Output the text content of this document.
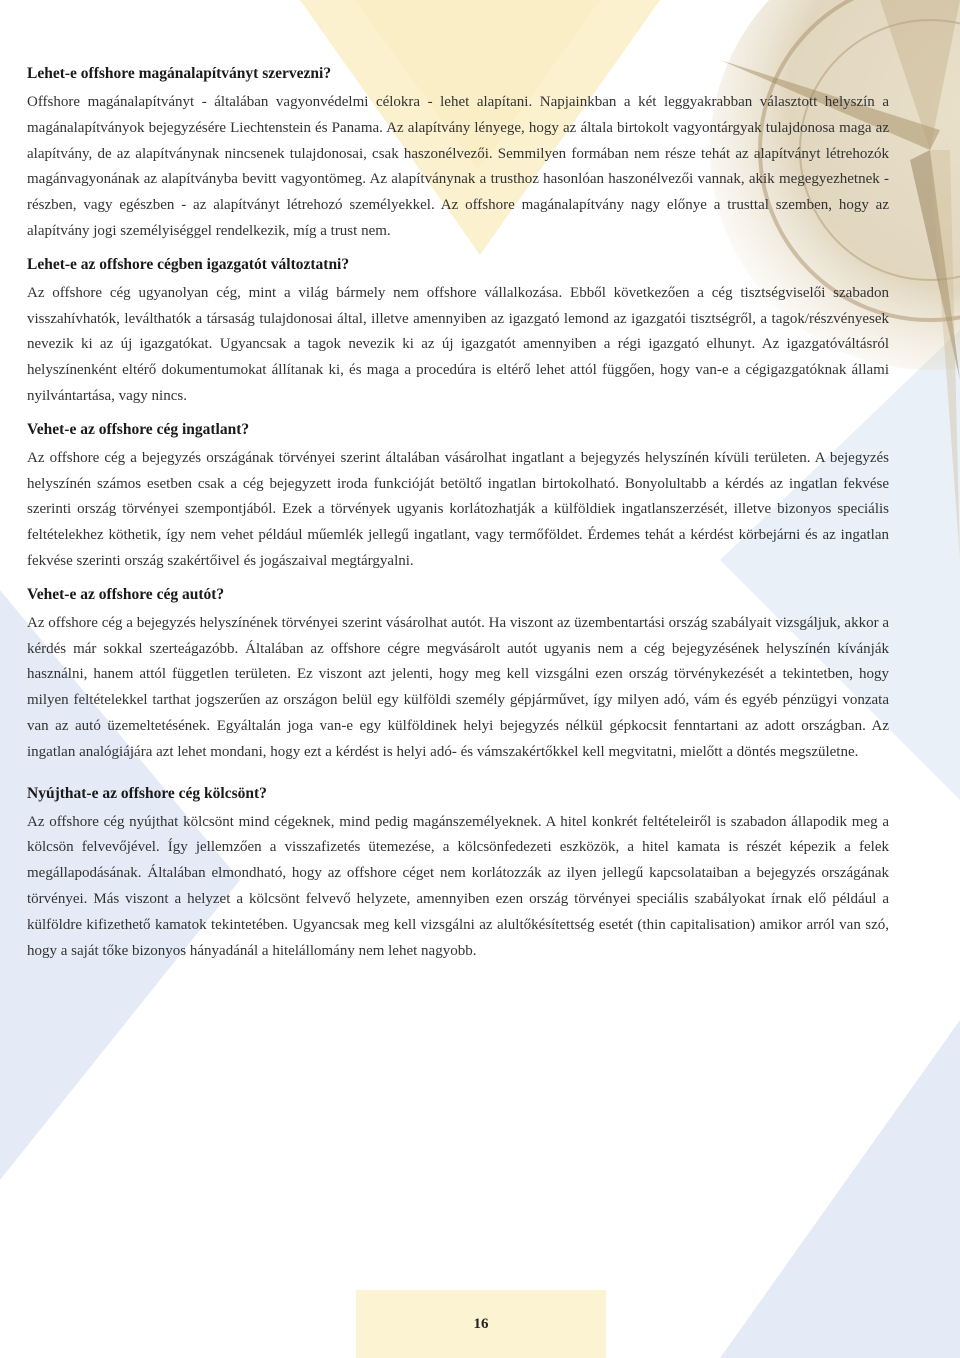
Lehet-e offshore magánalapítványt szervezni?

Offshore magánalapítványt - általában vagyonvédelmi célokra - lehet alapítani. Napjainkban a két leggyakrabban választott helyszín a magánalapítványok bejegyzésére Liechtenstein és Panama. Az alapítvány lényege, hogy az általa birtokolt vagyontárgyak tulajdonosa maga az alapítvány, de az alapítványnak nincsenek tulajdonosai, csak haszonélvezői. Semmilyen formában nem része tehát az alapítványt létrehozók magánvagyonának az alapítványba bevitt vagyontömeg. Az alapítványnak a trusthoz hasonlóan haszonélvezői vannak, akik megegyezhetnek - részben, vagy egészben - az alapítványt létrehozó személyekkel. Az offshore magánalapítvány nagy előnye a trusttal szemben, hogy az alapítvány jogi személyiséggel rendelkezik, míg a trust nem.

Lehet-e az offshore cégben igazgatót változtatni?

Az offshore cég ugyanolyan cég, mint a világ bármely nem offshore vállalkozása. Ebből következően a cég tisztségviselői szabadon visszahívhatók, leválthatók a társaság tulajdonosai által, illetve amennyiben az igazgató lemond az igazgatói tisztségről, a tagok/részvényesek nevezik ki az új igazgatókat. Ugyancsak a tagok nevezik ki az új igazgatót amennyiben a régi igazgató elhunyt. Az igazgatóváltásról helyszínenként eltérő dokumentumokat állítanak ki, és maga a procedúra is eltérő lehet attól függően, hogy van-e a cégigazgatóknak állami nyilvántartása, vagy nincs.

Vehet-e az offshore cég ingatlant?

Az offshore cég a bejegyzés országának törvényei szerint általában vásárolhat ingatlant a bejegyzés helyszínén kívüli területen. A bejegyzés helyszínén számos esetben csak a cég bejegyzett iroda funkcióját betöltő ingatlan birtokolható. Bonyolultabb a kérdés az ingatlan fekvése szerinti ország törvényei szempontjából. Ezek a törvények ugyanis korlátozhatják a külföldiek ingatlanszerzését, illetve bizonyos speciális feltételekhez köthetik, így nem vehet például műemlék jellegű ingatlant, vagy termőföldet. Érdemes tehát a kérdést körbejárni és az ingatlan fekvése szerinti ország szakértőivel és jogászaival megtárgyalni.

Vehet-e az offshore cég autót?

Az offshore cég a bejegyzés helyszínének törvényei szerint vásárolhat autót. Ha viszont az üzembentartási ország szabályait vizsgáljuk, akkor a kérdés már sokkal szerteágazóbb. Általában az offshore cégre megvásárolt autót ugyanis nem a cég bejegyzésének helyszínén kívánják használni, hanem attól független területen. Ez viszont azt jelenti, hogy meg kell vizsgálni ezen ország törvénykezését a tekintetben, hogy milyen feltételekkel tarthat jogszerűen az országon belül egy külföldi személy gépjárművet, így milyen adó, vám és egyéb pénzügyi vonzata van az autó üzemeltetésének. Egyáltalán joga van-e egy külföldinek helyi bejegyzés nélkül gépkocsit fenntartani az adott országban. Az ingatlan analógiájára azt lehet mondani, hogy ezt a kérdést is helyi adó- és vámszakértőkkel kell megvitatni, mielőtt a döntés megszületne.

Nyújthat-e az offshore cég kölcsönt?

Az offshore cég nyújthat kölcsönt mind cégeknek, mind pedig magánszemélyeknek. A hitel konkrét feltételeiről is szabadon állapodik meg a kölcsön felvevőjével. Így jellemzően a visszafizetés ütemezése, a kölcsönfedezeti eszközök, a hitel kamata is részét képezik a felek megállapodásának. Általában elmondható, hogy az offshore céget nem korlátozzák az ilyen jellegű kapcsolataiban a bejegyzés országának törvényei. Más viszont a helyzet a kölcsönt felvevő helyzete, amennyiben ezen ország törvényei speciális szabályokat írnak elő például a külföldre kifizethető kamatok tekintetében. Ugyancsak meg kell vizsgálni az alultőkésítettség esetét (thin capitalisation) amikor arról van szó, hogy a saját tőke bizonyos hányadánál a hitelállomány nem lehet nagyobb.

16
